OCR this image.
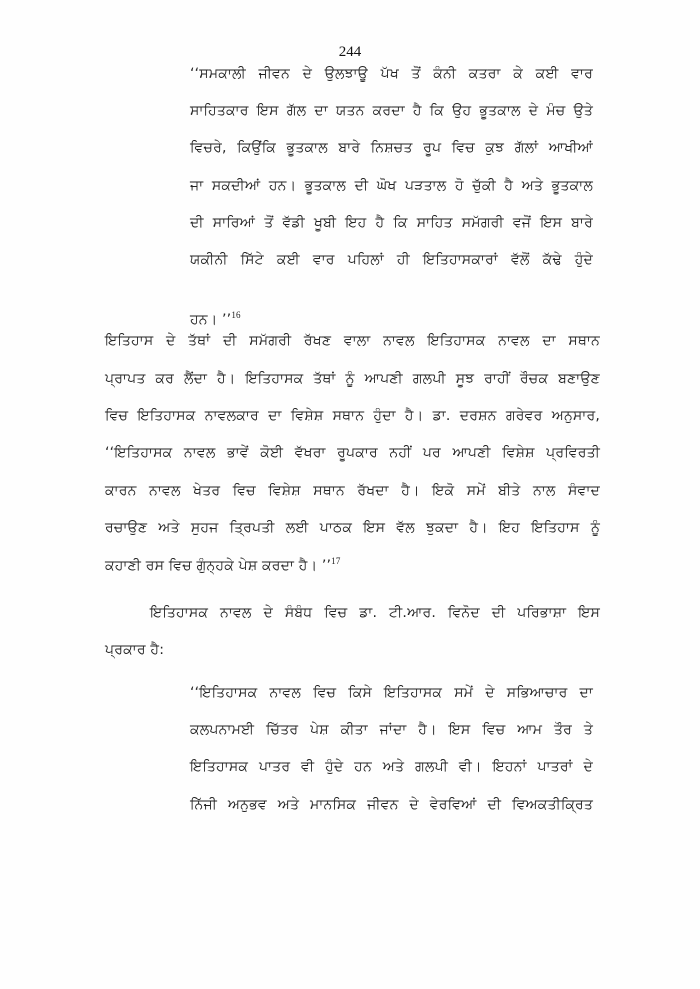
244
‘‘ਸਮਕਾਲੀ ਜੀਵਨ ਦੇ ਉਲਝਾਊ ਪੱਖ ਤੋਂ ਕੰਨੀ ਕਤਰਾ ਕੇ ਕਈ ਵਾਰ
ਸਾਹਿਤਕਾਰ ਇਸ ਗੱਲ ਦਾ ਯਤਨ ਕਰਦਾ ਹੈ ਕਿ ਉਹ ਭੂਤਕਾਲ ਦੇ ਮੰਚ ਉਤੇ
ਵਿਚਰੇ, ਕਿਉਂਕਿ ਭੂਤਕਾਲ ਬਾਰੇ ਨਿਸ਼ਚਤ ਰੂਪ ਵਿਚ ਕੁਝ ਗੱਲਾਂ ਆਖੀਆਂ
ਜਾ ਸਕਦੀਆਂ ਹਨ। ਭੂਤਕਾਲ ਦੀ ਘੋਖ ਪੜਤਾਲ ਹੋ ਚੁੱਕੀ ਹੈ ਅਤੇ ਭੂਤਕਾਲ
ਦੀ ਸਾਰਿਆਂ ਤੋਂ ਵੱਡੀ ਖੂਬੀ ਇਹ ਹੈ ਕਿ ਸਾਹਿਤ ਸਮੱਗਰੀ ਵਜੋਂ ਇਸ ਬਾਰੇ
ਯਕੀਨੀ ਸਿੱਟੇ ਕਈ ਵਾਰ ਪਹਿਲਾਂ ਹੀ ਇਤਿਹਾਸਕਾਰਾਂ ਵੱਲੋਂ ਕੱਢੇ ਹੁੰਦੇ
ਹਨ। ’’$^{16}$
ਇਤਿਹਾਸ ਦੇ ਤੱਥਾਂ ਦੀ ਸਮੱਗਰੀ ਰੱਖਣ ਵਾਲਾ ਨਾਵਲ ਇਤਿਹਾਸਕ ਨਾਵਲ ਦਾ ਸਥਾਨ
ਪ੍ਰਾਪਤ ਕਰ ਲੈਂਦਾ ਹੈ। ਇਤਿਹਾਸਕ ਤੱਥਾਂ ਨੂੰ ਆਪਣੀ ਗਲਪੀ ਸੂਝ ਰਾਹੀਂ ਰੌਚਕ ਬਣਾਉਣ
ਵਿਚ ਇਤਿਹਾਸਕ ਨਾਵਲਕਾਰ ਦਾ ਵਿਸ਼ੇਸ਼ ਸਥਾਨ ਹੁੰਦਾ ਹੈ। ਡਾ. ਦਰਸ਼ਨ ਗਰੇਵਰ ਅਨੁਸਾਰ,
‘‘ਇਤਿਹਾਸਕ ਨਾਵਲ ਭਾਵੇਂ ਕੋਈ ਵੱਖਰਾ ਰੂਪਕਾਰ ਨਹੀਂ ਪਰ ਆਪਣੀ ਵਿਸ਼ੇਸ਼ ਪ੍ਰਵਿਰਤੀ
ਕਾਰਨ ਨਾਵਲ ਖੇਤਰ ਵਿਚ ਵਿਸ਼ੇਸ਼ ਸਥਾਨ ਰੱਖਦਾ ਹੈ। ਇਕੋ ਸਮੇਂ ਬੀਤੇ ਨਾਲ ਸੰਵਾਦ
ਰਚਾਉਣ ਅਤੇ ਸੁਹਜ ਤ੍ਰਿਪਤੀ ਲਈ ਪਾਠਕ ਇਸ ਵੱਲ ਝੁਕਦਾ ਹੈ। ਇਹ ਇਤਿਹਾਸ ਨੂੰ
ਕਹਾਣੀ ਰਸ ਵਿਚ ਗੁੰਨ੍ਹਕੇ ਪੇਸ਼ ਕਰਦਾ ਹੈ। ’’$^{17}$
ਇਤਿਹਾਸਕ ਨਾਵਲ ਦੇ ਸੰਬੰਧ ਵਿਚ ਡਾ. ਟੀ.ਆਰ. ਵਿਨੋਦ ਦੀ ਪਰਿਭਾਸ਼ਾ ਇਸ
ਪ੍ਰਕਾਰ ਹੈ:
‘‘ਇਤਿਹਾਸਕ ਨਾਵਲ ਵਿਚ ਕਿਸੇ ਇਤਿਹਾਸਕ ਸਮੇਂ ਦੇ ਸਭਿਆਚਾਰ ਦਾ
ਕਲਪਨਾਮਈ ਚਿੱਤਰ ਪੇਸ਼ ਕੀਤਾ ਜਾਂਦਾ ਹੈ। ਇਸ ਵਿਚ ਆਮ ਤੌਰ ਤੇ
ਇਤਿਹਾਸਕ ਪਾਤਰ ਵੀ ਹੁੰਦੇ ਹਨ ਅਤੇ ਗਲਪੀ ਵੀ। ਇਹਨਾਂ ਪਾਤਰਾਂ ਦੇ
ਨਿੱਜੀ ਅਨੁਭਵ ਅਤੇ ਮਾਨਸਿਕ ਜੀਵਨ ਦੇ ਵੇਰਵਿਆਂ ਦੀ ਵਿਅਕਤੀਕ੍ਰਿਤ
